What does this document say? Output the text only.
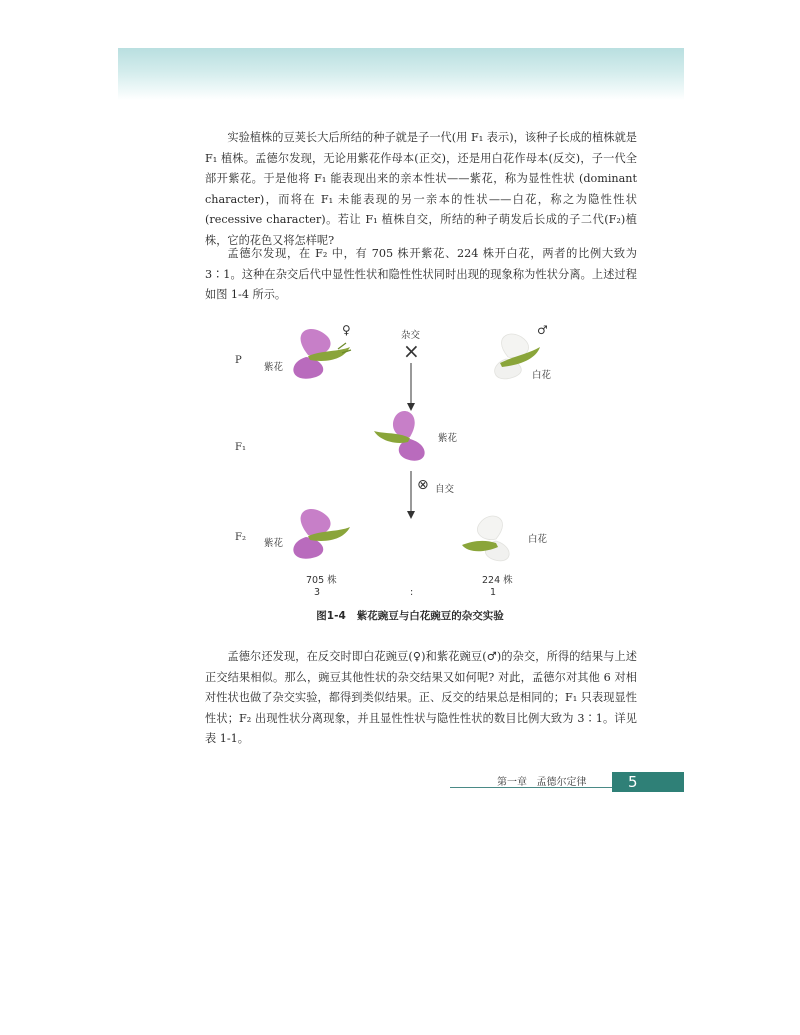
实验植株的豆荚长大后所结的种子就是子一代(用 F₁ 表示)，该种子长成的植株就是 F₁ 植株。孟德尔发现，无论用紫花作母本(正交)，还是用白花作母本(反交)，子一代全部开紫花。于是他将 F₁ 能表现出来的亲本性状——紫花，称为显性性状 (dominant character)，而将在 F₁ 未能表现的另一亲本的性状——白花，称之为隐性性状(recessive character)。若让 F₁ 植株自交，所结的种子萌发后长成的子二代(F₂)植株，它的花色又将怎样呢?

孟德尔发现，在 F₂ 中，有 705 株开紫花、224 株开白花，两者的比例大致为 3∶1。这种在杂交后代中显性性状和隐性性状同时出现的现象称为性状分离。上述过程如图 1-4 所示。

P
F₁
F₂
紫花
♀	杂交
×
白花
♂
紫花
⊗ 自交
紫花	白花
705 株	224 株
3	:	1
图1-4   紫花豌豆与白花豌豆的杂交实验

孟德尔还发现，在反交时即白花豌豆(♀)和紫花豌豆(♂)的杂交，所得的结果与上述正交结果相似。那么，豌豆其他性状的杂交结果又如何呢? 对此，孟德尔对其他 6 对相对性状也做了杂交实验，都得到类似结果。正、反交的结果总是相同的；F₁ 只表现显性性状；F₂ 出现性状分离现象，并且显性性状与隐性性状的数目比例大致为 3∶1。详见表 1-1。

第一章   孟德尔定律	5
